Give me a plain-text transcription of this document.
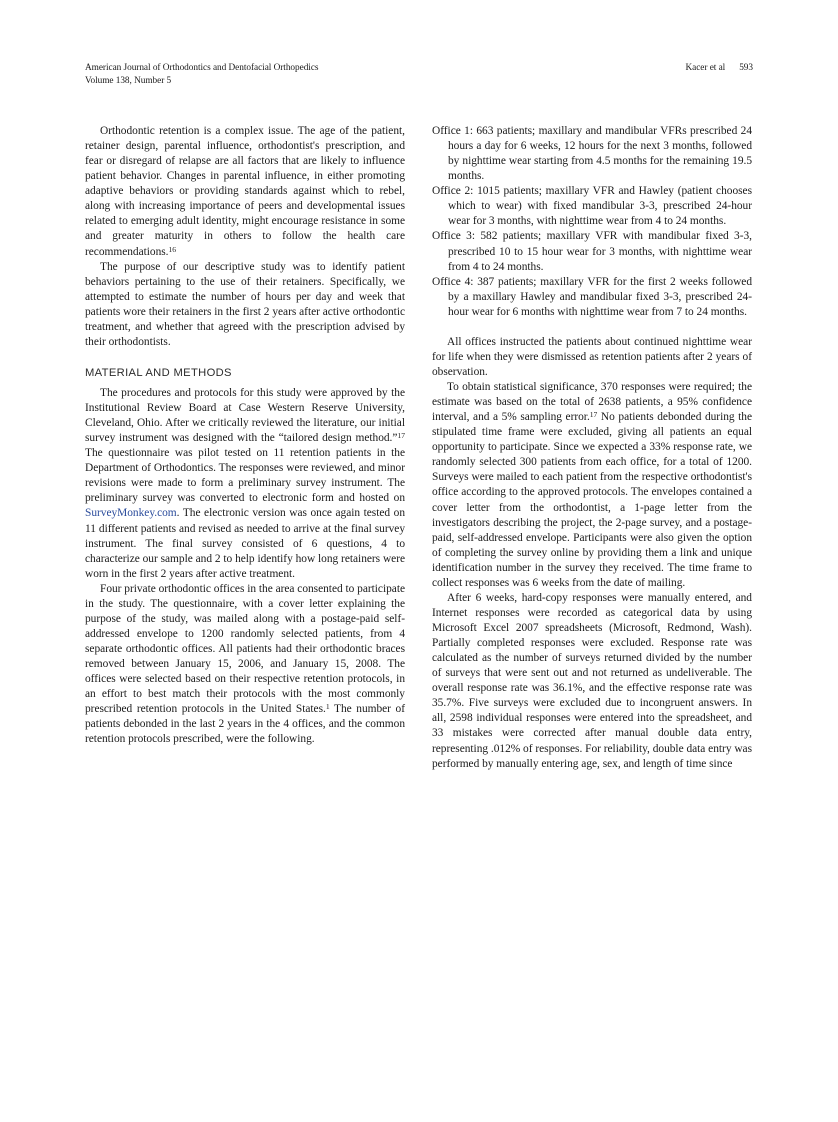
American Journal of Orthodontics and Dentofacial Orthopedics
Volume 138, Number 5
Kacer et al 593

Orthodontic retention is a complex issue. The age of the patient, retainer design, parental influence, orthodontist's prescription, and fear or disregard of relapse are all factors that are likely to influence patient behavior. Changes in parental influence, in either promoting adaptive behaviors or providing standards against which to rebel, along with increasing importance of peers and developmental issues related to emerging adult identity, might encourage resistance in some and greater maturity in others to follow the health care recommendations.$^{16}$

The purpose of our descriptive study was to identify patient behaviors pertaining to the use of their retainers. Specifically, we attempted to estimate the number of hours per day and week that patients wore their retainers in the first 2 years after active orthodontic treatment, and whether that agreed with the prescription advised by their orthodontists.

MATERIAL AND METHODS

The procedures and protocols for this study were approved by the Institutional Review Board at Case Western Reserve University, Cleveland, Ohio. After we critically reviewed the literature, our initial survey instrument was designed with the “tailored design method.”$^{17}$ The questionnaire was pilot tested on 11 retention patients in the Department of Orthodontics. The responses were reviewed, and minor revisions were made to form a preliminary survey instrument. The preliminary survey was converted to electronic form and hosted on SurveyMonkey.com. The electronic version was once again tested on 11 different patients and revised as needed to arrive at the final survey instrument. The final survey consisted of 6 questions, 4 to characterize our sample and 2 to help identify how long retainers were worn in the first 2 years after active treatment.

Four private orthodontic offices in the area consented to participate in the study. The questionnaire, with a cover letter explaining the purpose of the study, was mailed along with a postage-paid self-addressed envelope to 1200 randomly selected patients, from 4 separate orthodontic offices. All patients had their orthodontic braces removed between January 15, 2006, and January 15, 2008. The offices were selected based on their respective retention protocols, in an effort to best match their protocols with the most commonly prescribed retention protocols in the United States.$^1$ The number of patients debonded in the last 2 years in the 4 offices, and the common retention protocols prescribed, were the following.

Office 1: 663 patients; maxillary and mandibular VFRs prescribed 24 hours a day for 6 weeks, 12 hours for the next 3 months, followed by nighttime wear starting from 4.5 months for the remaining 19.5 months.
Office 2: 1015 patients; maxillary VFR and Hawley (patient chooses which to wear) with fixed mandibular 3-3, prescribed 24-hour wear for 3 months, with nighttime wear from 4 to 24 months.
Office 3: 582 patients; maxillary VFR with mandibular fixed 3-3, prescribed 10 to 15 hour wear for 3 months, with nighttime wear from 4 to 24 months.
Office 4: 387 patients; maxillary VFR for the first 2 weeks followed by a maxillary Hawley and mandibular fixed 3-3, prescribed 24-hour wear for 6 months with nighttime wear from 7 to 24 months.

All offices instructed the patients about continued nighttime wear for life when they were dismissed as retention patients after 2 years of observation.

To obtain statistical significance, 370 responses were required; the estimate was based on the total of 2638 patients, a 95% confidence interval, and a 5% sampling error.$^{17}$ No patients debonded during the stipulated time frame were excluded, giving all patients an equal opportunity to participate. Since we expected a 33% response rate, we randomly selected 300 patients from each office, for a total of 1200. Surveys were mailed to each patient from the respective orthodontist's office according to the approved protocols. The envelopes contained a cover letter from the orthodontist, a 1-page letter from the investigators describing the project, the 2-page survey, and a postage-paid, self-addressed envelope. Participants were also given the option of completing the survey online by providing them a link and unique identification number in the survey they received. The time frame to collect responses was 6 weeks from the date of mailing.

After 6 weeks, hard-copy responses were manually entered, and Internet responses were recorded as categorical data by using Microsoft Excel 2007 spreadsheets (Microsoft, Redmond, Wash). Partially completed responses were excluded. Response rate was calculated as the number of surveys returned divided by the number of surveys that were sent out and not returned as undeliverable. The overall response rate was 36.1%, and the effective response rate was 35.7%. Five surveys were excluded due to incongruent answers. In all, 2598 individual responses were entered into the spreadsheet, and 33 mistakes were corrected after manual double data entry, representing .012% of responses. For reliability, double data entry was performed by manually entering age, sex, and length of time since
